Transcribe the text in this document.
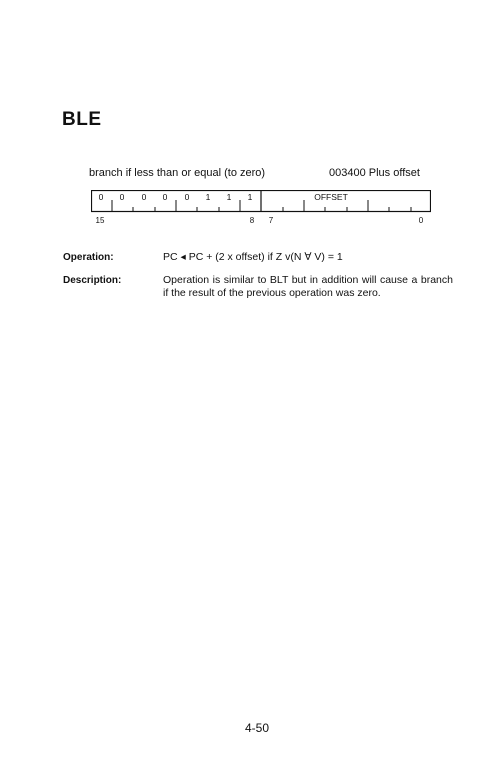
BLE
branch if less than or equal (to zero)	003400 Plus offset
0 0 0 0 0 1 1 1	OFFSET
15	8 7	0
Operation:	PC ◂ PC + (2 x offset) if Z v(N ∀ V) = 1
Description:	Operation is similar to BLT but in addition will cause a branch if the result of the previous operation was zero.
4-50
